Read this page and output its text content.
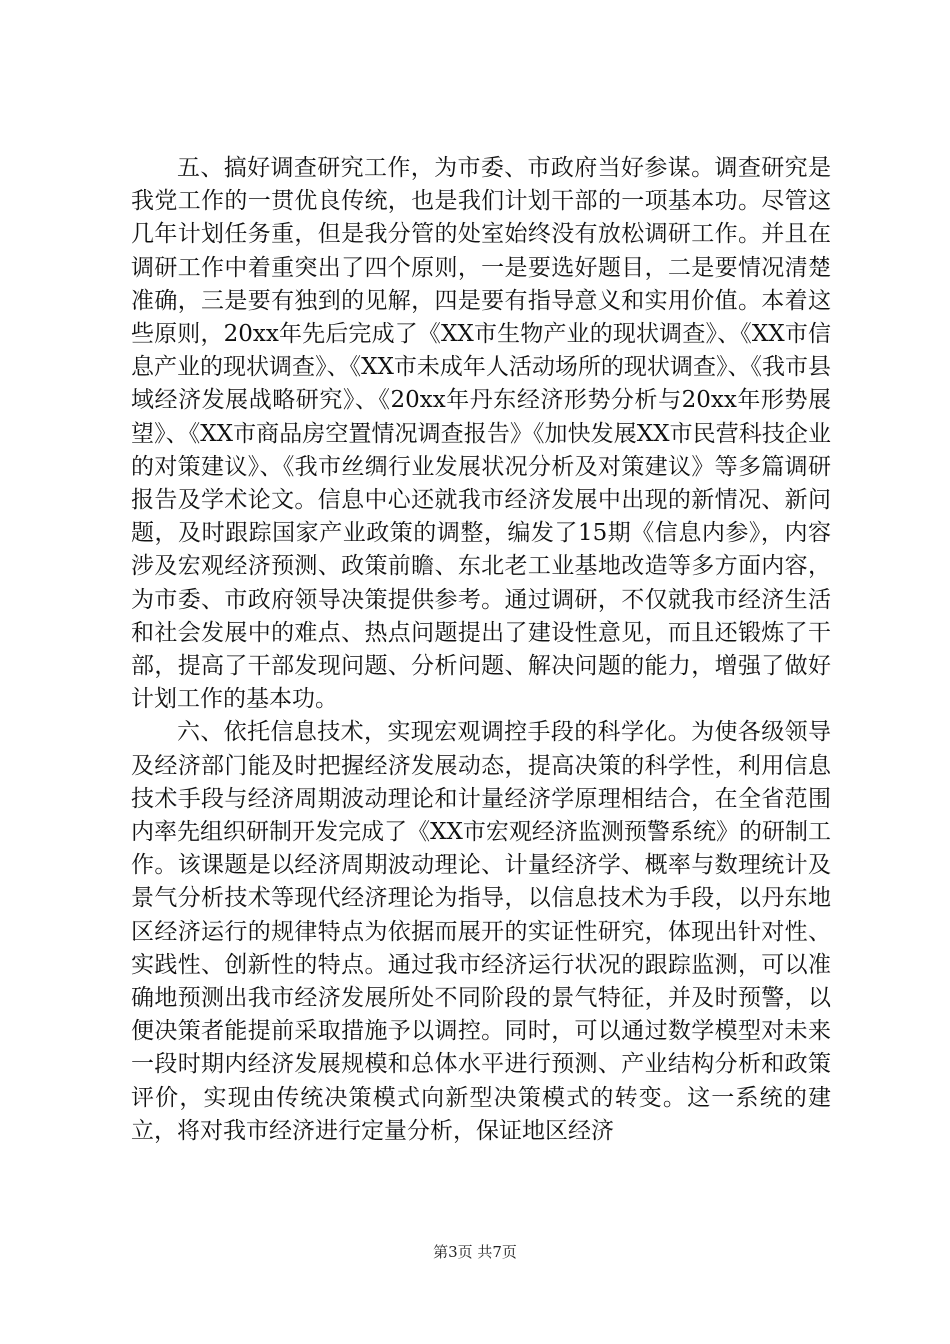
五、搞好调查研究工作，为市委、市政府当好参谋。调查研究是我党工作的一贯优良传统，也是我们计划干部的一项基本功。尽管这几年计划任务重，但是我分管的处室始终没有放松调研工作。并且在调研工作中着重突出了四个原则，一是要选好题目，二是要情况清楚准确，三是要有独到的见解，四是要有指导意义和实用价值。本着这些原则，20xx年先后完成了《XX市生物产业的现状调查》、《XX市信息产业的现状调查》、《XX市未成年人活动场所的现状调查》、《我市县域经济发展战略研究》、《20xx年丹东经济形势分析与20xx年形势展望》、《XX市商品房空置情况调查报告》《加快发展XX市民营科技企业的对策建议》、《我市丝绸行业发展状况分析及对策建议》等多篇调研报告及学术论文。信息中心还就我市经济发展中出现的新情况、新问题，及时跟踪国家产业政策的调整，编发了15期《信息内参》，内容涉及宏观经济预测、政策前瞻、东北老工业基地改造等多方面内容，为市委、市政府领导决策提供参考。通过调研，不仅就我市经济生活和社会发展中的难点、热点问题提出了建设性意见，而且还锻炼了干部，提高了干部发现问题、分析问题、解决问题的能力，增强了做好计划工作的基本功。

六、依托信息技术，实现宏观调控手段的科学化。为使各级领导及经济部门能及时把握经济发展动态，提高决策的科学性，利用信息技术手段与经济周期波动理论和计量经济学原理相结合，在全省范围内率先组织研制开发完成了《XX市宏观经济监测预警系统》的研制工作。该课题是以经济周期波动理论、计量经济学、概率与数理统计及景气分析技术等现代经济理论为指导，以信息技术为手段，以丹东地区经济运行的规律特点为依据而展开的实证性研究，体现出针对性、实践性、创新性的特点。通过我市经济运行状况的跟踪监测，可以准确地预测出我市经济发展所处不同阶段的景气特征，并及时预警，以便决策者能提前采取措施予以调控。同时，可以通过数学模型对未来一段时期内经济发展规模和总体水平进行预测、产业结构分析和政策评价，实现由传统决策模式向新型决策模式的转变。这一系统的建立，将对我市经济进行定量分析，保证地区经济

第3页 共7页
